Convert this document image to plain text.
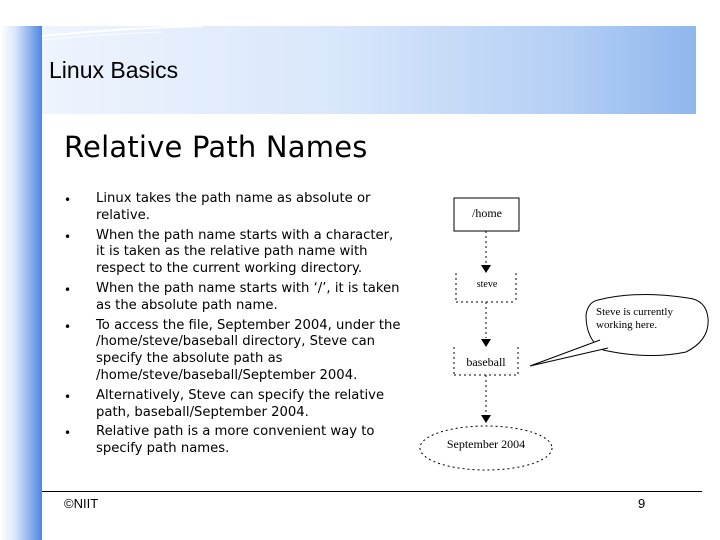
Linux Basics
Relative Path Names
• Linux takes the path name as absolute or relative.
• When the path name starts with a character, it is taken as the relative path name with respect to the current working directory.
• When the path name starts with ‘/’, it is taken as the absolute path name.
• To access the file, September 2004, under the /home/steve/baseball directory, Steve can specify the absolute path as /home/steve/baseball/September 2004.
• Alternatively, Steve can specify the relative path, baseball/September 2004.
• Relative path is a more convenient way to specify path names.
/home
steve
baseball
September 2004
Steve is currently working here.
©NIIT	9
